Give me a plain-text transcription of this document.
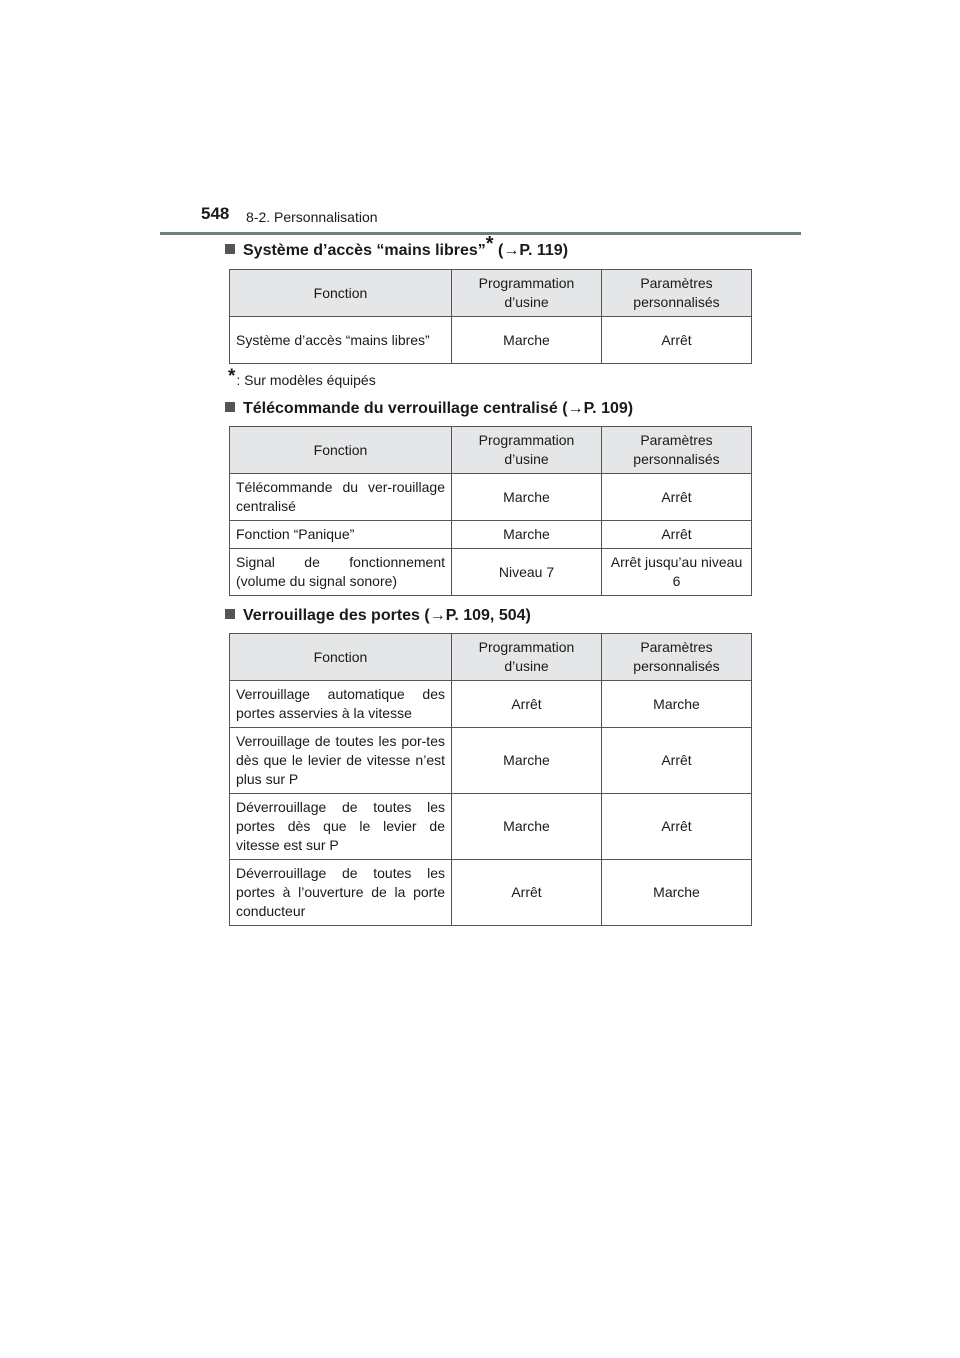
548 8-2. Personnalisation
Système d’accès “mains libres”* (→P. 119)
Fonction	Programmation d’usine	Paramètres personnalisés
Système d’accès “mains libres”	Marche	Arrêt
*: Sur modèles équipés
Télécommande du verrouillage centralisé (→P. 109)
Fonction	Programmation d’usine	Paramètres personnalisés
Télécommande du ver-rouillage centralisé	Marche	Arrêt
Fonction “Panique”	Marche	Arrêt
Signal de fonctionnement (volume du signal sonore)	Niveau 7	Arrêt jusqu’au niveau 6
Verrouillage des portes (→P. 109, 504)
Fonction	Programmation d’usine	Paramètres personnalisés
Verrouillage automatique des portes asservies à la vitesse	Arrêt	Marche
Verrouillage de toutes les por-tes dès que le levier de vitesse n’est plus sur P	Marche	Arrêt
Déverrouillage de toutes les portes dès que le levier de vitesse est sur P	Marche	Arrêt
Déverrouillage de toutes les portes à l’ouverture de la porte conducteur	Arrêt	Marche
